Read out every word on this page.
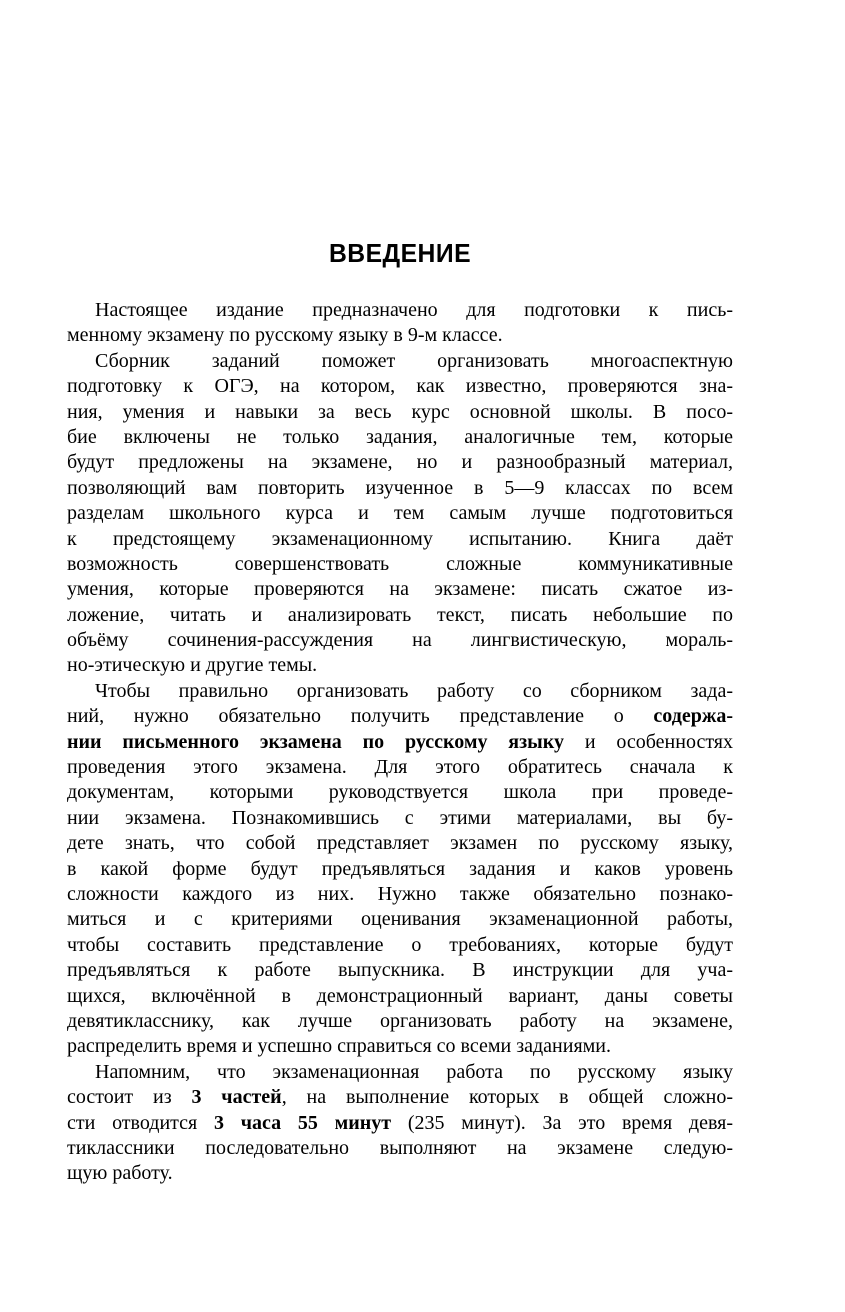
ВВЕДЕНИЕ
Настоящее издание предназначено для подготовки к пись-
менному экзамену по русскому языку в 9-м классе.
Сборник заданий поможет организовать многоаспектную
подготовку к ОГЭ, на котором, как известно, проверяются зна-
ния, умения и навыки за весь курс основной школы. В посо-
бие включены не только задания, аналогичные тем, которые
будут предложены на экзамене, но и разнообразный материал,
позволяющий вам повторить изученное в 5—9 классах по всем
разделам школьного курса и тем самым лучше подготовиться
к предстоящему экзаменационному испытанию. Книга даёт
возможность совершенствовать сложные коммуникативные
умения, которые проверяются на экзамене: писать сжатое из-
ложение, читать и анализировать текст, писать небольшие по
объёму сочинения-рассуждения на лингвистическую, мораль-
но-этическую и другие темы.
Чтобы правильно организовать работу со сборником зада-
ний, нужно обязательно получить представление о содержа-
нии письменного экзамена по русскому языку и особенностях
проведения этого экзамена. Для этого обратитесь сначала к
документам, которыми руководствуется школа при проведе-
нии экзамена. Познакомившись с этими материалами, вы бу-
дете знать, что собой представляет экзамен по русскому языку,
в какой форме будут предъявляться задания и каков уровень
сложности каждого из них. Нужно также обязательно познако-
миться и с критериями оценивания экзаменационной работы,
чтобы составить представление о требованиях, которые будут
предъявляться к работе выпускника. В инструкции для уча-
щихся, включённой в демонстрационный вариант, даны советы
девятикласснику, как лучше организовать работу на экзамене,
распределить время и успешно справиться со всеми заданиями.
Напомним, что экзаменационная работа по русскому языку
состоит из 3 частей, на выполнение которых в общей сложно-
сти отводится 3 часа 55 минут (235 минут). За это время девя-
тиклассники последовательно выполняют на экзамене следую-
щую работу.
